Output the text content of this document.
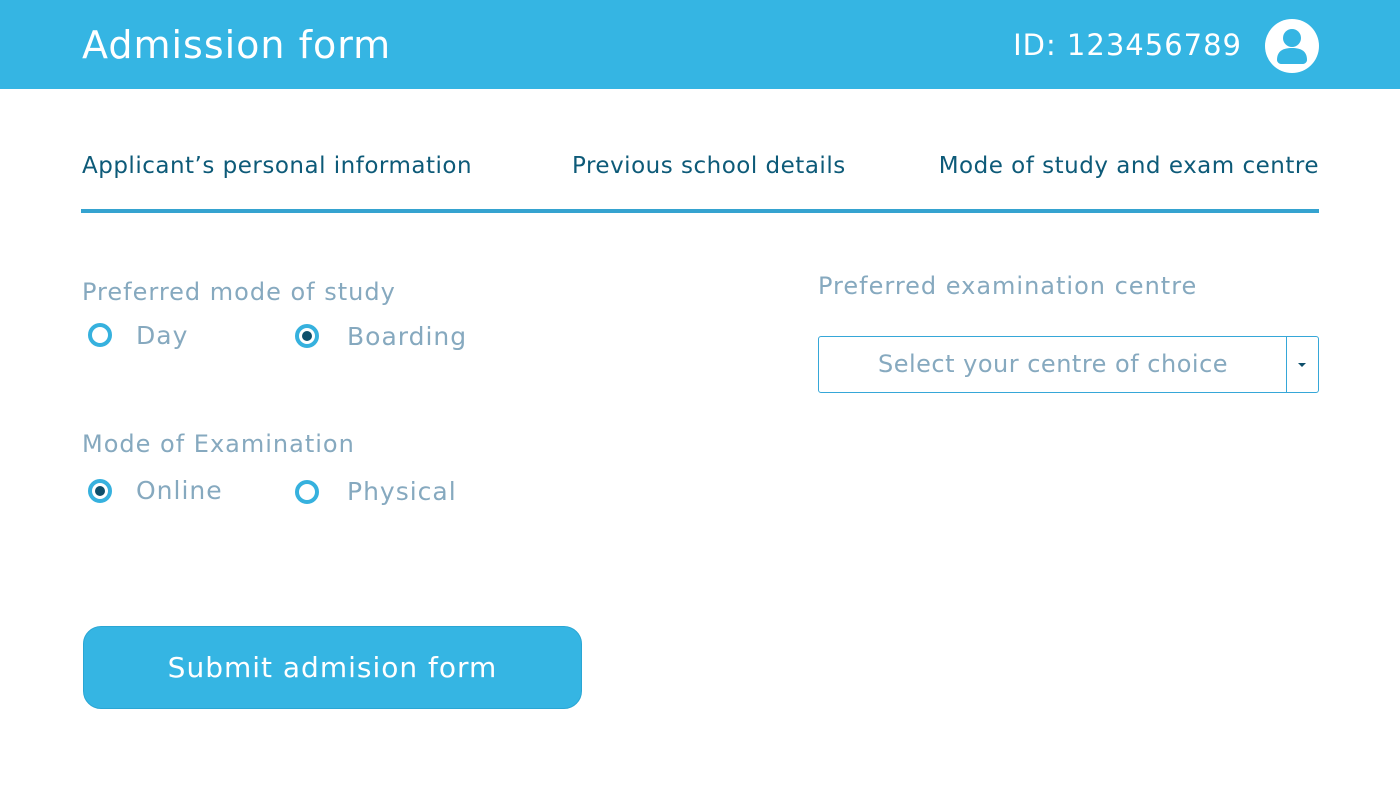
Admission form	ID: 123456789
Applicant’s personal information	Previous school details	Mode of study and exam centre
Preferred mode of study
Day	Boarding
Mode of Examination
Online	Physical
Preferred examination centre
Select your centre of choice
Submit admision form
